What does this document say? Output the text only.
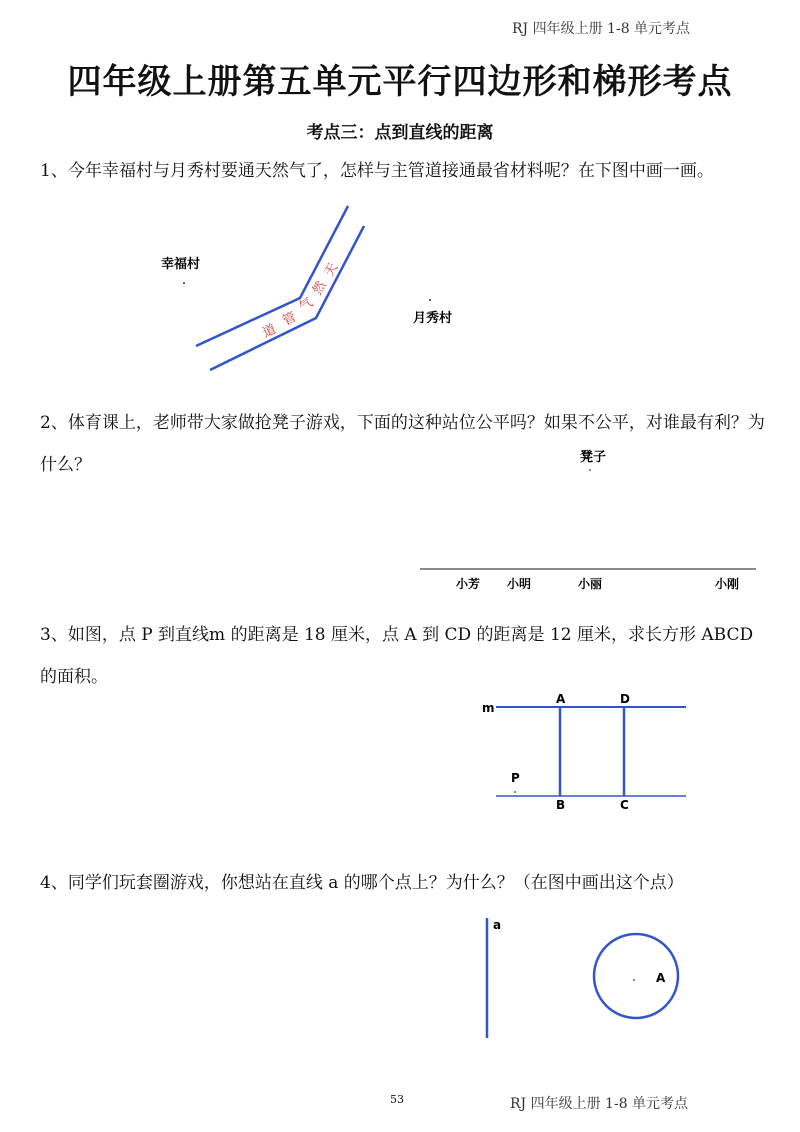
RJ 四年级上册 1-8 单元考点
四年级上册第五单元平行四边形和梯形考点
考点三：点到直线的距离
1、今年幸福村与月秀村要通天然气了，怎样与主管道接通最省材料呢？在下图中画一画。
2、体育课上，老师带大家做抢凳子游戏，下面的这种站位公平吗？如果不公平，对谁最有利？为什么？
3、如图，点 P 到直线m 的距离是 18 厘米，点 A 到 CD 的距离是 12 厘米，求长方形 ABCD 的面积。
4、同学们玩套圈游戏，你想站在直线 a 的哪个点上？为什么？（在图中画出这个点）
幸福村
月秀村
天
然
气
管
道
凳子
小芳 小明	小丽	小刚
m
A	D
P
B	C
a
A
53	RJ 四年级上册 1-8 单元考点
